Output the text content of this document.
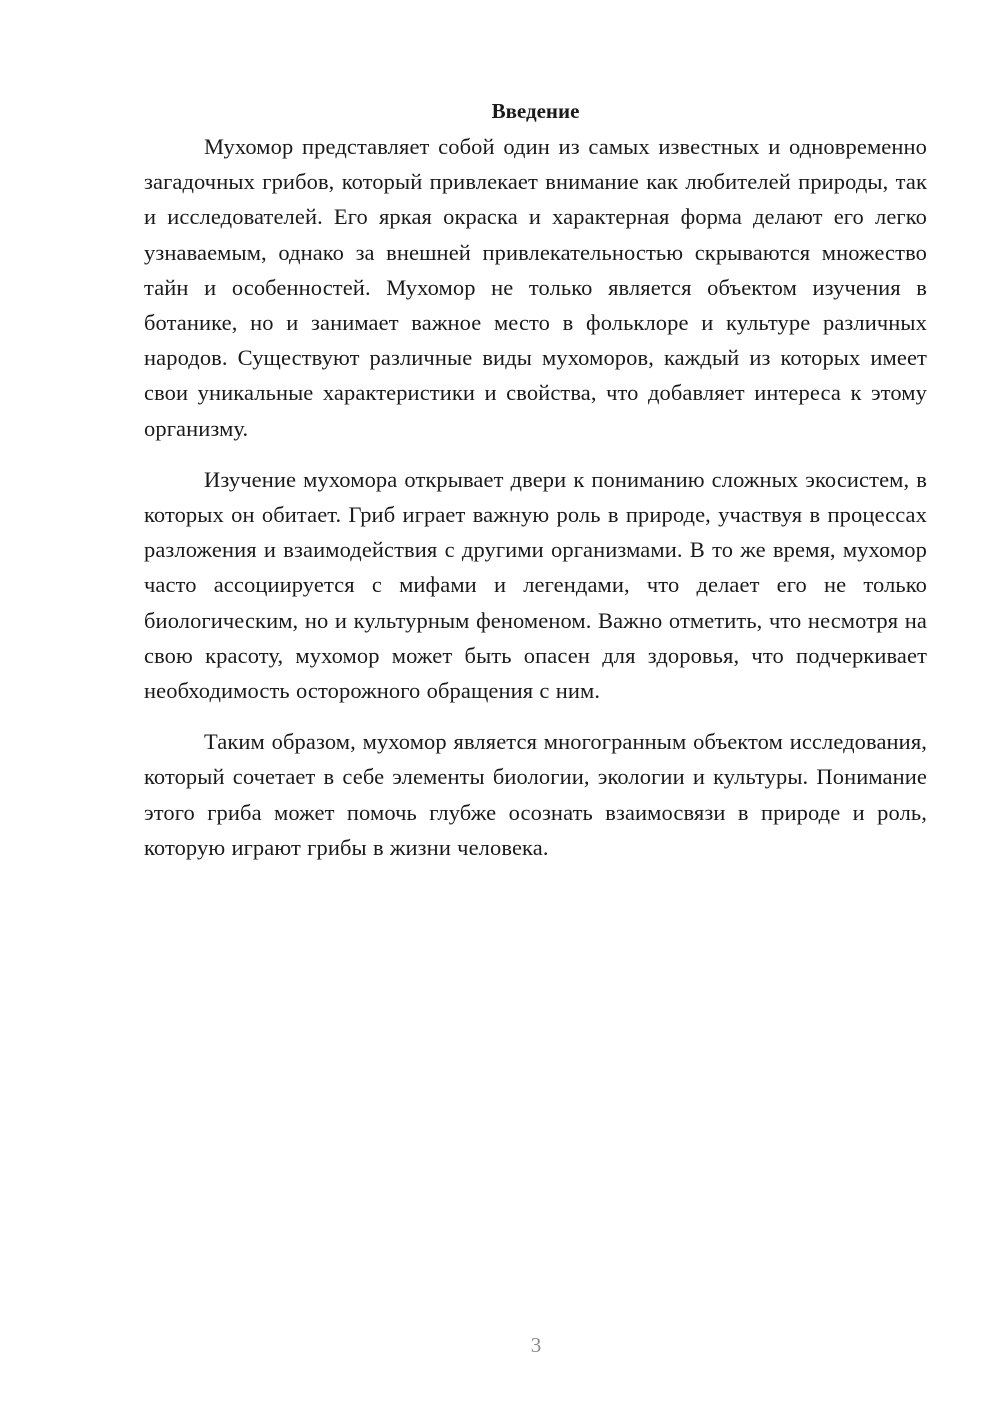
Введение

Мухомор представляет собой один из самых известных и одновременно загадочных грибов, который привлекает внимание как любителей природы, так и исследователей. Его яркая окраска и характерная форма делают его легко узнаваемым, однако за внешней привлекательностью скрываются множество тайн и особенностей. Мухомор не только является объектом изучения в ботанике, но и занимает важное место в фольклоре и культуре различных народов. Существуют различные виды мухоморов, каждый из которых имеет свои уникальные характеристики и свойства, что добавляет интереса к этому организму.

Изучение мухомора открывает двери к пониманию сложных экосистем, в которых он обитает. Гриб играет важную роль в природе, участвуя в процессах разложения и взаимодействия с другими организмами. В то же время, мухомор часто ассоциируется с мифами и легендами, что делает его не только биологическим, но и культурным феноменом. Важно отметить, что несмотря на свою красоту, мухомор может быть опасен для здоровья, что подчеркивает необходимость осторожного обращения с ним.

Таким образом, мухомор является многогранным объектом исследования, который сочетает в себе элементы биологии, экологии и культуры. Понимание этого гриба может помочь глубже осознать взаимосвязи в природе и роль, которую играют грибы в жизни человека.

3
